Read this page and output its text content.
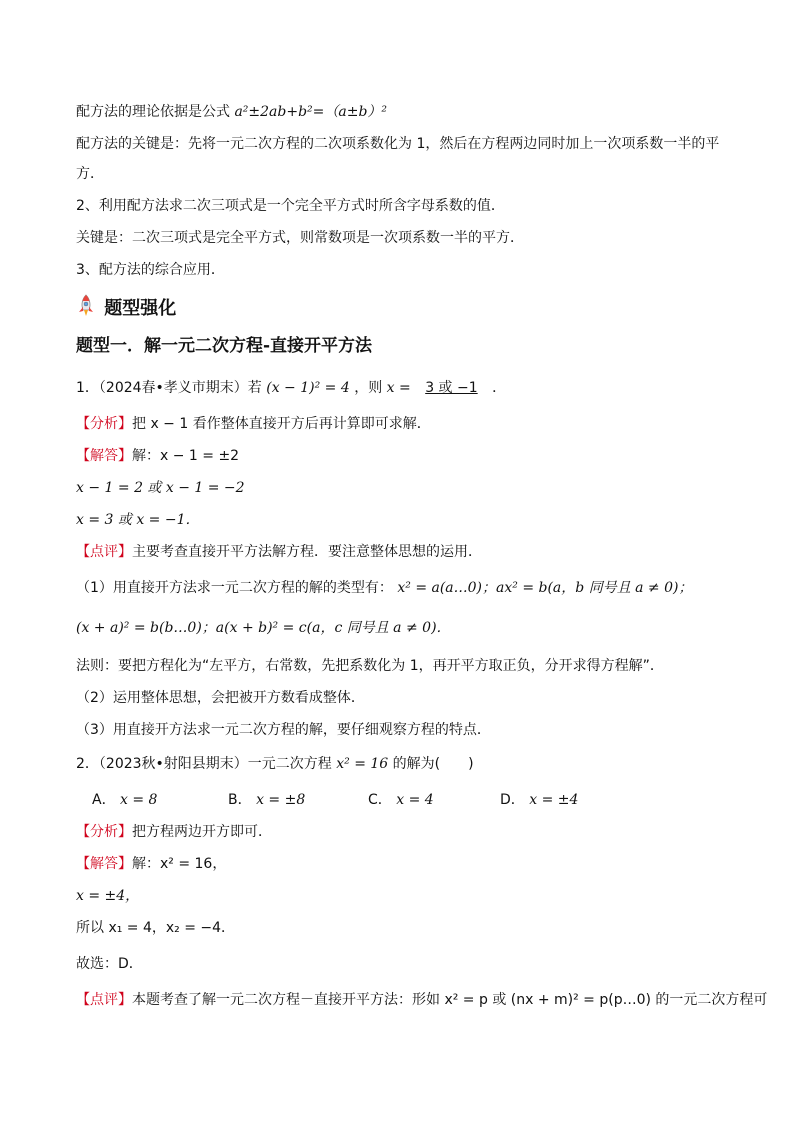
配方法的理论依据是公式 a²±2ab+b²=（a±b）²
配方法的关键是：先将一元二次方程的二次项系数化为 1，然后在方程两边同时加上一次项系数一半的平
方．
2、利用配方法求二次三项式是一个完全平方式时所含字母系数的值．
关键是：二次三项式是完全平方式，则常数项是一次项系数一半的平方．
3、配方法的综合应用．
题型强化
题型一．解一元二次方程-直接开平方法
1．（2024春•孝义市期末）若 (x − 1)² = 4 ，则 x = 3 或 −1 ．
【分析】把 x − 1 看作整体直接开方后再计算即可求解．
【解答】解：x − 1 = ±2
x − 1 = 2 或 x − 1 = −2
x = 3 或 x = −1．
【点评】主要考查直接开平方法解方程．要注意整体思想的运用．
（1）用直接开方法求一元二次方程的解的类型有： x² = a(a…0)；ax² = b(a，b 同号且 a ≠ 0)；
(x + a)² = b(b…0)；a(x + b)² = c(a，c 同号且 a ≠ 0)．
法则：要把方程化为“左平方，右常数，先把系数化为 1，再开平方取正负，分开求得方程解”．
（2）运用整体思想，会把被开方数看成整体．
（3）用直接开方法求一元二次方程的解，要仔细观察方程的特点．
2．（2023秋•射阳县期末）一元二次方程 x² = 16 的解为(　　)
A． x = 8	B． x = ±8	C． x = 4	D． x = ±4
【分析】把方程两边开方即可．
【解答】解：x² = 16，
x = ±4，
所以 x₁ = 4，x₂ = −4．
故选：D．
【点评】本题考查了解一元二次方程－直接开平方法：形如 x² = p 或 (nx + m)² = p(p…0) 的一元二次方程可
